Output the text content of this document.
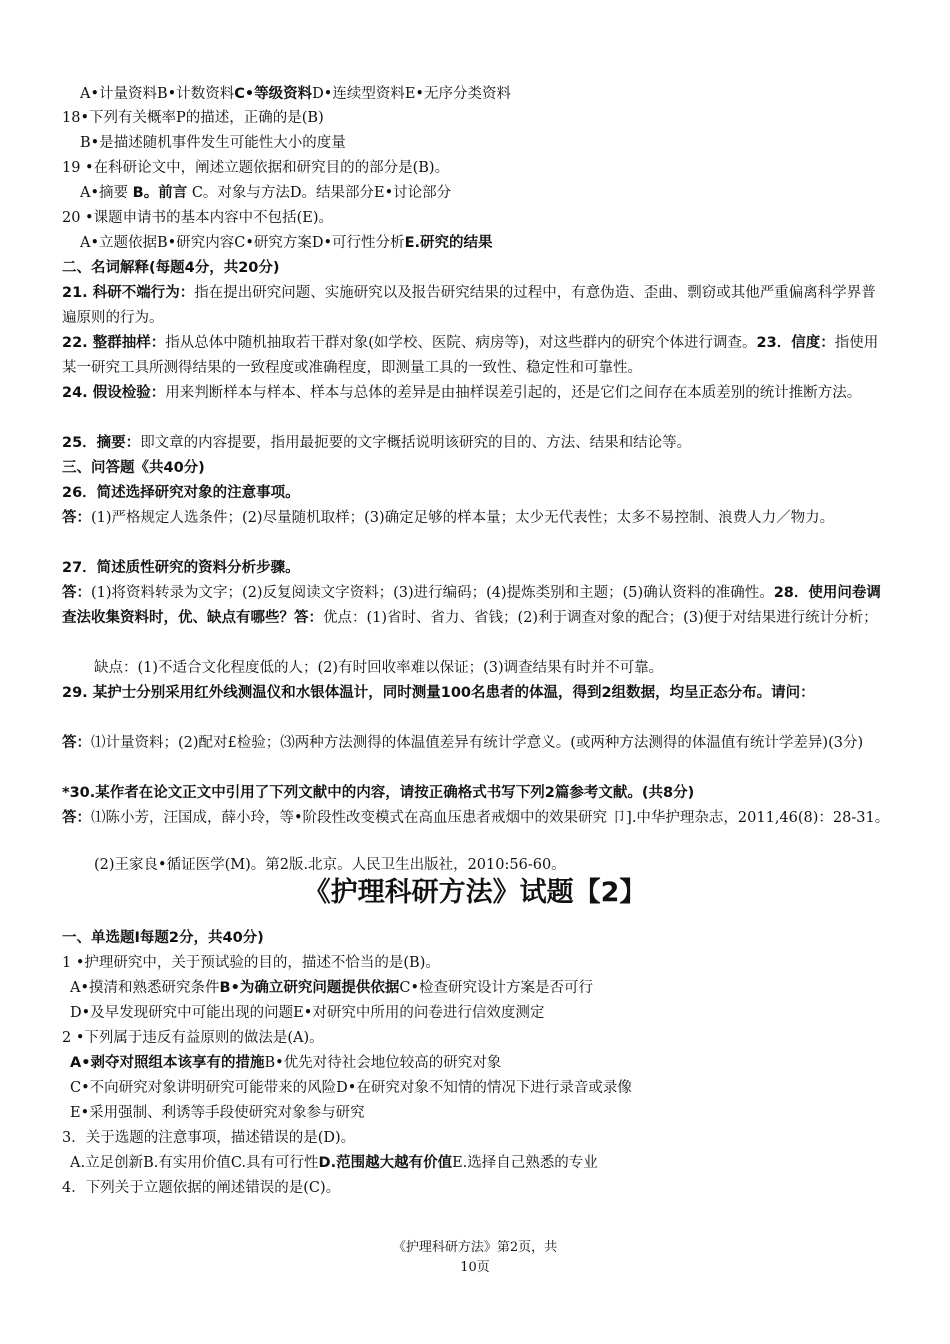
A•计量资料B•计数资料C•等级资料D•连续型资料E•无序分类资料
18•下列有关概率P的描述，正确的是(B)
B•是描述随机事件发生可能性大小的度量
19 •在科研论文中，阐述立题依据和研究目的的部分是(B)。
A•摘要 B。前言 C。对象与方法D。结果部分E•讨论部分
20 •课题申请书的基本内容中不包括(E)。
A•立题依据B•研究内容C•研究方案D•可行性分析E.研究的结果
二、名词解释(每题4分，共20分)
21. 科研不端行为：指在提出研究问题、实施研究以及报告研究结果的过程中，有意伪造、歪曲、剽窃或其他严重偏离科学界普遍原则的行为。
22. 整群抽样：指从总体中随机抽取若干群对象(如学校、医院、病房等)，对这些群内的研究个体进行调查。23．信度：指使用某一研究工具所测得结果的一致程度或准确程度，即测量工具的一致性、稳定性和可靠性。
24. 假设检验：用来判断样本与样本、样本与总体的差异是由抽样误差引起的，还是它们之间存在本质差别的统计推断方法。
25．摘要：即文章的内容提要，指用最扼要的文字概括说明该研究的目的、方法、结果和结论等。
三、问答题《共40分)
26．简述选择研究对象的注意事项。
答：(1)严格规定人选条件；(2)尽量随机取样；(3)确定足够的样本量；太少无代表性；太多不易控制、浪费人力／物力。
27．简述质性研究的资料分析步骤。
答：(1)将资料转录为文字；(2)反复阅读文字资料；(3)进行编码；(4)提炼类别和主题；(5)确认资料的准确性。28．使用问卷调查法收集资料时，优、缺点有哪些？答：优点：(1)省时、省力、省钱；(2)利于调查对象的配合；(3)便于对结果进行统计分析；
缺点：(1)不适合文化程度低的人；(2)有时回收率难以保证；(3)调查结果有时并不可靠。
29. 某护士分别采用红外线测温仪和水银体温计，同时测量100名患者的体温，得到2组数据，均呈正态分布。请问：
答：⑴计量资料；(2)配对£检验；⑶两种方法测得的体温值差异有统计学意义。(或两种方法测得的体温值有统计学差异)(3分)
*30.某作者在论文正文中引用了下列文献中的内容，请按正确格式书写下列2篇参考文献。(共8分)
答：⑴陈小芳，汪国成，薛小玲，等•阶段性改变模式在高血压患者戒烟中的效果研究 卩].中华护理杂志，2011,46(8)：28-31。
(2)王家良•循证医学(M)。第2版.北京。人民卫生出版社，2010:56-60。
《护理科研方法》试题【2】
一、单选题I每题2分，共40分)
1 •护理研究中，关于预试验的目的，描述不恰当的是(B)。
A•摸清和熟悉研究条件B•为确立研究问题提供依据C•检查研究设计方案是否可行
D•及早发现研究中可能出现的问题E•对研究中所用的问卷进行信效度测定
2 •下列属于违反有益原则的做法是(A)。
A•剥夺对照组本该享有的措施B•优先对待社会地位较高的研究对象
C•不向研究对象讲明研究可能带来的风险D•在研究对象不知情的情况下进行录音或录像
E•采用强制、利诱等手段使研究对象参与研究
3．关于选题的注意事项，描述错误的是(D)。
A.立足创新B.有实用价值C.具有可行性D.范围越大越有价值E.选择自己熟悉的专业
4．下列关于立题依据的阐述错误的是(C)。
《护理科研方法》第2页，共
10页
